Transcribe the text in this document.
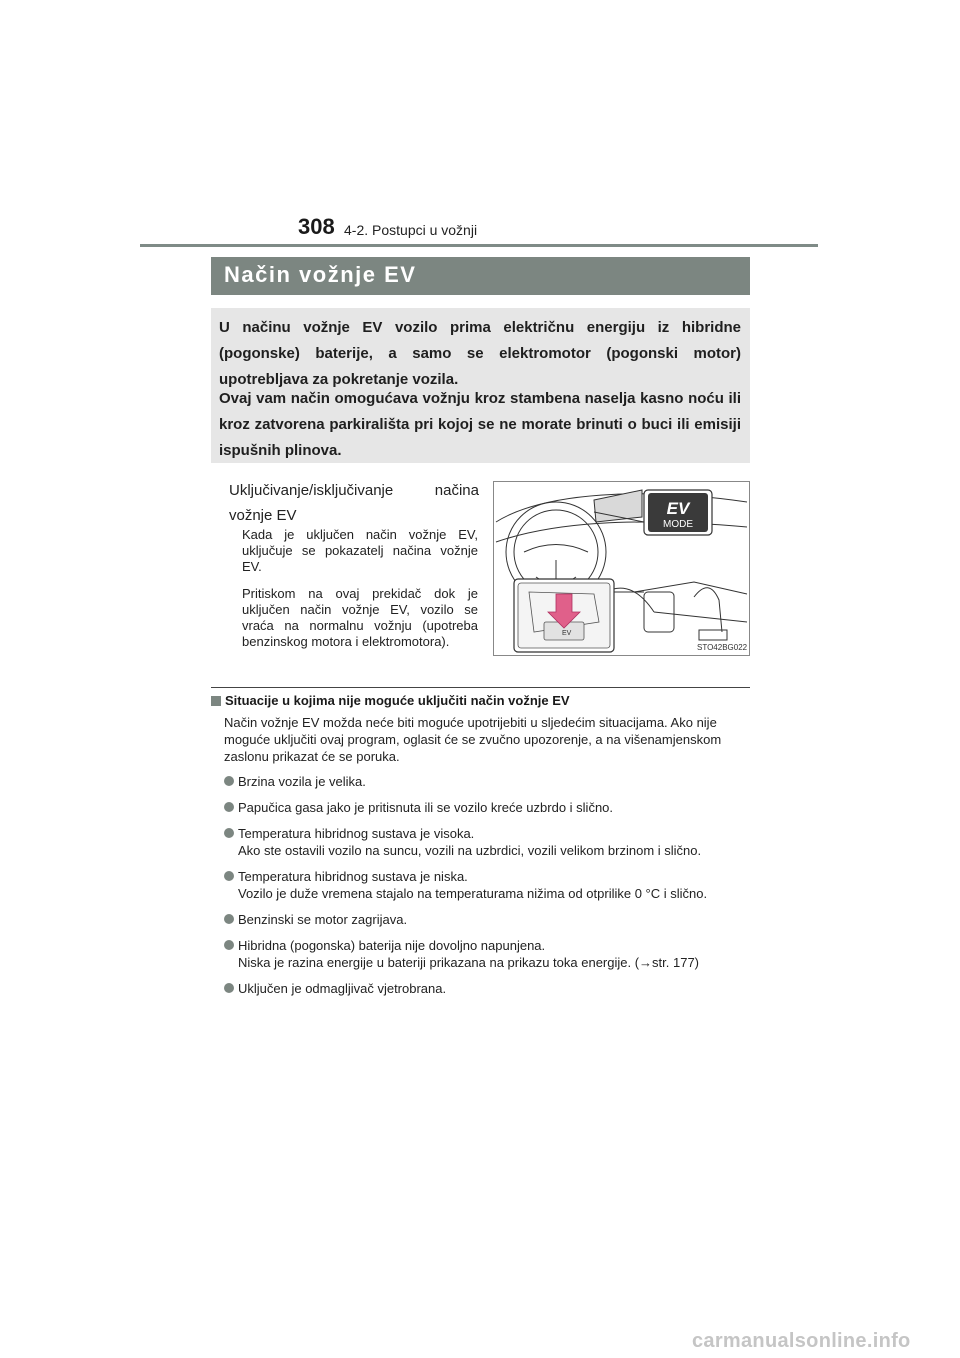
308 4-2. Postupci u vožnji
Način vožnje EV

U načinu vožnje EV vozilo prima električnu energiju iz hibridne (pogonske) baterije, a samo se elektromotor (pogonski motor) upotrebljava za pokretanje vozila.

Ovaj vam način omogućava vožnju kroz stambena naselja kasno noću ili kroz zatvorena parkirališta pri kojoj se ne morate brinuti o buci ili emisiji ispušnih plinova.

Uključivanje/isključivanje načina vožnje EV

Kada je uključen način vožnje EV, uključuje se pokazatelj načina vožnje EV.

Pritiskom na ovaj prekidač dok je uključen način vožnje EV, vozilo se vraća na normalnu vožnju (upotreba benzinskog motora i elektromotora).

EV
MODE
EV
STO42BG022

Situacije u kojima nije moguće uključiti način vožnje EV

Način vožnje EV možda neće biti moguće upotrijebiti u sljedećim situacijama. Ako nije moguće uključiti ovaj program, oglasit će se zvučno upozorenje, a na višenamjenskom zaslonu prikazat će se poruka.

Brzina vozila je velika.
Papučica gasa jako je pritisnuta ili se vozilo kreće uzbrdo i slično.
Temperatura hibridnog sustava je visoka.
Ako ste ostavili vozilo na suncu, vozili na uzbrdici, vozili velikom brzinom i slično.
Temperatura hibridnog sustava je niska.
Vozilo je duže vremena stajalo na temperaturama nižima od otprilike 0 °C i slično.
Benzinski se motor zagrijava.
Hibridna (pogonska) baterija nije dovoljno napunjena.
Niska je razina energije u bateriji prikazana na prikazu toka energije. (→str. 177)
Uključen je odmagljivač vjetrobrana.
carmanualsonline.info
